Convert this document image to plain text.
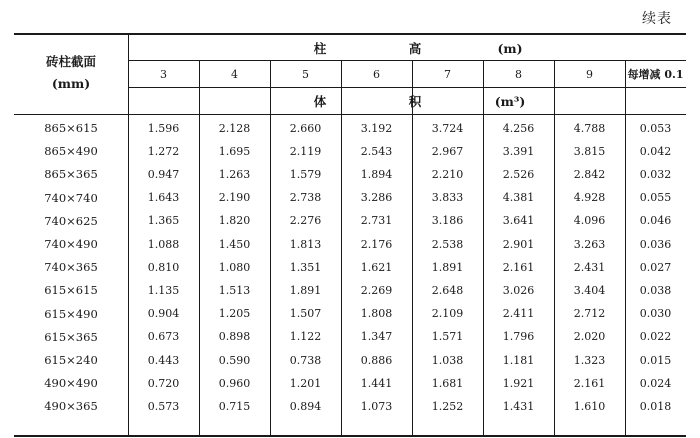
续表
砖柱截面
(mm)
柱	高	(m)
体	积	(m³)
3	4	5	6	7	8	9	每增减 0.1
865×615	1.596	2.128	2.660	3.192	3.724	4.256	4.788	0.053
865×490	1.272	1.695	2.119	2.543	2.967	3.391	3.815	0.042
865×365	0.947	1.263	1.579	1.894	2.210	2.526	2.842	0.032
740×740	1.643	2.190	2.738	3.286	3.833	4.381	4.928	0.055
740×625	1.365	1.820	2.276	2.731	3.186	3.641	4.096	0.046
740×490	1.088	1.450	1.813	2.176	2.538	2.901	3.263	0.036
740×365	0.810	1.080	1.351	1.621	1.891	2.161	2.431	0.027
615×615	1.135	1.513	1.891	2.269	2.648	3.026	3.404	0.038
615×490	0.904	1.205	1.507	1.808	2.109	2.411	2.712	0.030
615×365	0.673	0.898	1.122	1.347	1.571	1.796	2.020	0.022
615×240	0.443	0.590	0.738	0.886	1.038	1.181	1.323	0.015
490×490	0.720	0.960	1.201	1.441	1.681	1.921	2.161	0.024
490×365	0.573	0.715	0.894	1.073	1.252	1.431	1.610	0.018
